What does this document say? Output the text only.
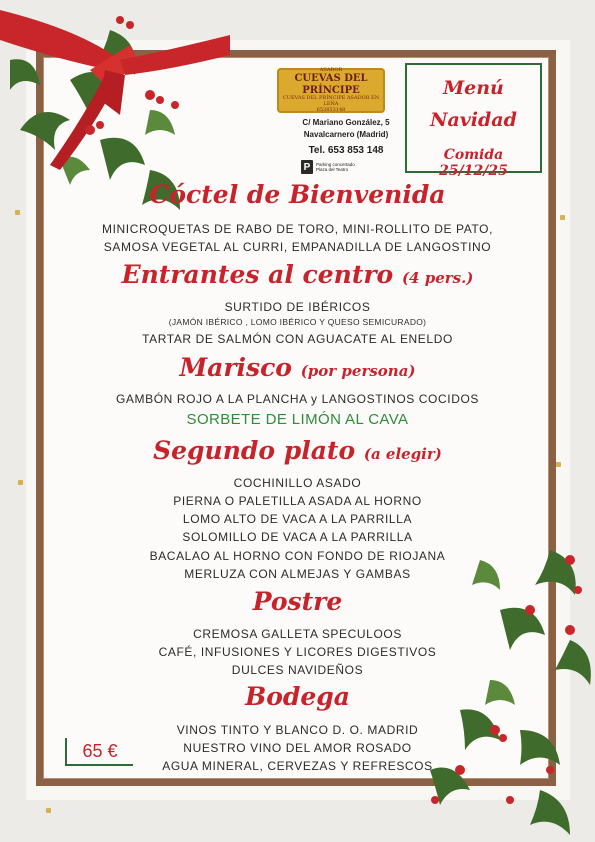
ASADOR
CUEVAS DEL PRÍNCIPE
CUEVAS DEL PRÍNCIPE ASADOR EN LEÑA
653853148
C/ Mariano González, 5
Navalcarnero (Madrid)
Tel. 653 853 148
P	Parking concertado
Plaza del Teatro
Menú
Navidad
Comida 25/12/25
Cóctel de Bienvenida
MINICROQUETAS DE RABO DE TORO, MINI-ROLLITO DE PATO,
SAMOSA VEGETAL AL CURRI, EMPANADILLA DE LANGOSTINO
Entrantes al centro (4 pers.)
SURTIDO DE IBÉRICOS
(JAMÓN IBÉRICO , LOMO IBÉRICO Y QUESO SEMICURADO)
TARTAR DE SALMÓN CON AGUACATE AL ENELDO
Marisco (por persona)
GAMBÓN ROJO A LA PLANCHA y LANGOSTINOS COCIDOS
SORBETE DE LIMÓN AL CAVA
Segundo plato (a elegir)
COCHINILLO ASADO
PIERNA O PALETILLA ASADA AL HORNO
LOMO ALTO DE VACA A LA PARRILLA
SOLOMILLO DE VACA A LA PARRILLA
BACALAO AL HORNO CON FONDO DE RIOJANA
MERLUZA CON ALMEJAS Y GAMBAS
Postre
CREMOSA GALLETA SPECULOOS
CAFÉ, INFUSIONES Y LICORES DIGESTIVOS
DULCES NAVIDEÑOS
Bodega
VINOS TINTO Y BLANCO D. O. MADRID
NUESTRO VINO DEL AMOR ROSADO
AGUA MINERAL, CERVEZAS Y REFRESCOS
65 €
